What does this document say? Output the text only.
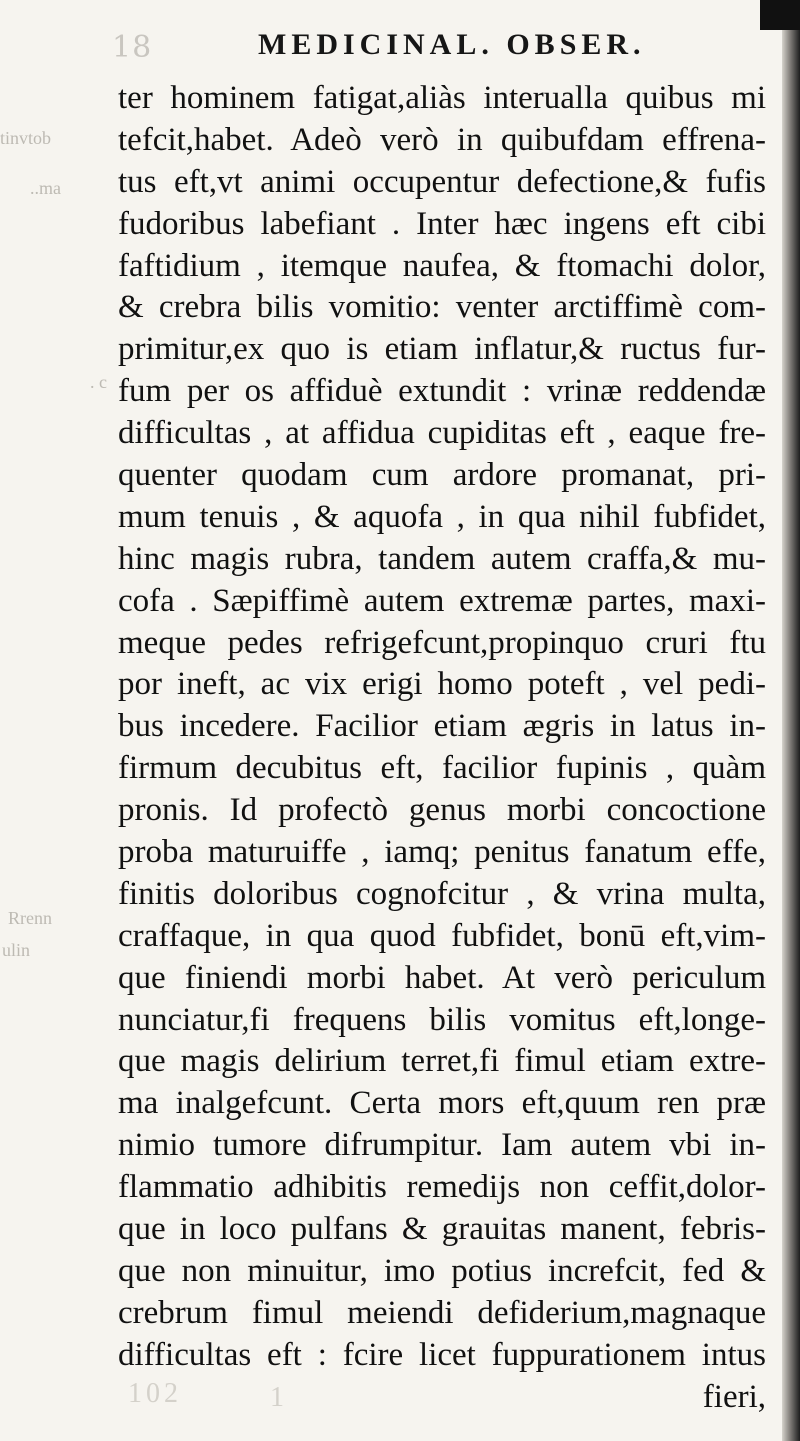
tinvtob
..ma
. c
Rrenn
ulin
18	MEDICINAL. OBSER.
ter hominem fatigat,aliàs interualla quibus mi
tefcit,habet. Adeò verò in quibufdam effrena-
tus eft,vt animi occupentur defectione,& fufis
fudoribus labefiant . Inter hæc ingens eft cibi
faftidium , itemque naufea, & ftomachi dolor,
& crebra bilis vomitio: venter arctiffimè com-
primitur,ex quo is etiam inflatur,& ructus fur-
fum per os affiduè extundit : vrinæ reddendæ
difficultas , at affidua cupiditas eft , eaque fre-
quenter quodam cum ardore promanat, pri-
mum tenuis , & aquofa , in qua nihil fubfidet,
hinc magis rubra, tandem autem craffa,& mu-
cofa . Sæpiffimè autem extremæ partes, maxi-
meque pedes refrigefcunt,propinquo cruri ftu
por ineft, ac vix erigi homo poteft , vel pedi-
bus incedere. Facilior etiam ægris in latus in-
firmum decubitus eft, facilior fupinis , quàm
pronis. Id profectò genus morbi concoctione
proba maturuiffe , iamq; penitus fanatum effe,
finitis doloribus cognofcitur , & vrina multa,
craffaque, in qua quod fubfidet, bonū eft,vim-
que finiendi morbi habet. At verò periculum
nunciatur,fi frequens bilis vomitus eft,longe-
que magis delirium terret,fi fimul etiam extre-
ma inalgefcunt. Certa mors eft,quum ren præ
nimio tumore difrumpitur. Iam autem vbi in-
flammatio adhibitis remedijs non ceffit,dolor-
que in loco pulfans & grauitas manent, febris-
que non minuitur, imo potius increfcit, fed &
crebrum fimul meiendi defiderium,magnaque
difficultas eft : fcire licet fuppurationem intus
fieri,
102	1
